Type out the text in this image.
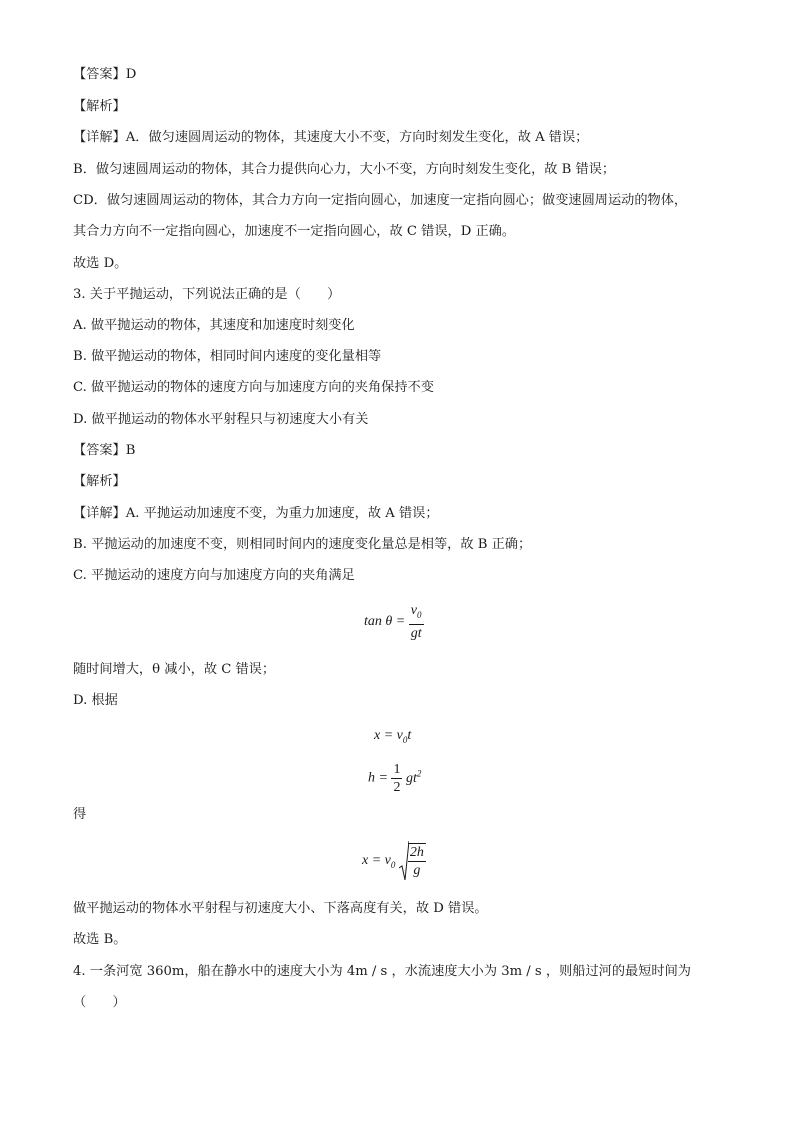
【答案】D
【解析】
【详解】A．做匀速圆周运动的物体，其速度大小不变，方向时刻发生变化，故 A 错误；
B．做匀速圆周运动的物体，其合力提供向心力，大小不变，方向时刻发生变化，故 B 错误；
CD．做匀速圆周运动的物体，其合力方向一定指向圆心，加速度一定指向圆心；做变速圆周运动的物体，
其合力方向不一定指向圆心，加速度不一定指向圆心，故 C 错误，D 正确。
故选 D。
3. 关于平抛运动，下列说法正确的是（　　）
A. 做平抛运动的物体，其速度和加速度时刻变化
B. 做平抛运动的物体，相同时间内速度的变化量相等
C. 做平抛运动的物体的速度方向与加速度方向的夹角保持不变
D. 做平抛运动的物体水平射程只与初速度大小有关
【答案】B
【解析】
【详解】A. 平抛运动加速度不变，为重力加速度，故 A 错误；
B. 平抛运动的加速度不变，则相同时间内的速度变化量总是相等，故 B 正确；
C. 平抛运动的速度方向与加速度方向的夹角满足
$\tan \theta = \frac{v_0}{gt}$
随时间增大，θ 减小，故 C 错误；
D. 根据
$x = v_0t$
$h = \frac{1}{2} gt^2$
得
$x = v_0 \frac{2h}{g}$
做平抛运动的物体水平射程与初速度大小、下落高度有关，故 D 错误。
故选 B。
4. 一条河宽 360m，船在静水中的速度大小为 4m / s ，水流速度大小为 3m / s ，则船过河的最短时间为
（　　）
